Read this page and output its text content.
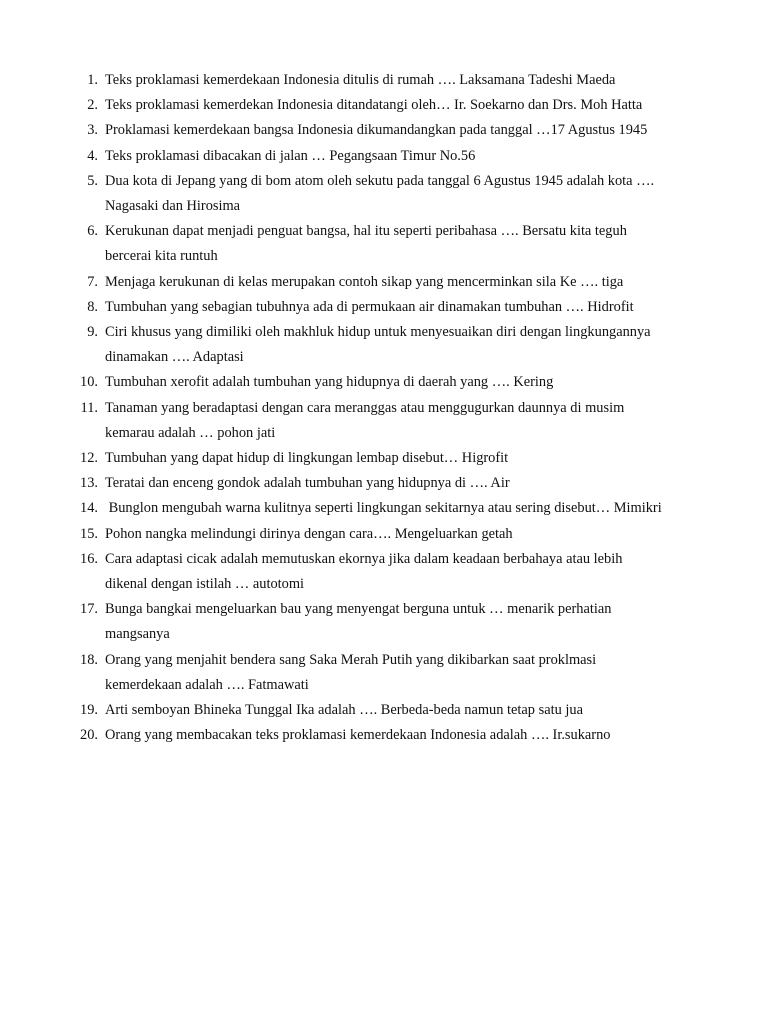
1. Teks proklamasi kemerdekaan Indonesia ditulis di rumah …. Laksamana Tadeshi Maeda
2. Teks proklamasi kemerdekan Indonesia ditandatangi oleh… Ir. Soekarno dan Drs. Moh Hatta
3. Proklamasi kemerdekaan bangsa Indonesia dikumandangkan pada tanggal …17 Agustus 1945
4. Teks proklamasi dibacakan di jalan … Pegangsaan Timur No.56
5. Dua kota di Jepang yang di bom atom oleh sekutu pada tanggal 6 Agustus 1945 adalah kota ….
Nagasaki dan Hirosima
6. Kerukunan dapat menjadi penguat bangsa, hal itu seperti peribahasa …. Bersatu kita teguh
bercerai kita runtuh
7. Menjaga kerukunan di kelas merupakan contoh sikap yang mencerminkan sila Ke …. tiga
8. Tumbuhan yang sebagian tubuhnya ada di permukaan air dinamakan tumbuhan …. Hidrofit
9. Ciri khusus yang dimiliki oleh makhluk hidup untuk menyesuaikan diri dengan lingkungannya
dinamakan …. Adaptasi
10. Tumbuhan xerofit adalah tumbuhan yang hidupnya di daerah yang …. Kering
11. Tanaman yang beradaptasi dengan cara meranggas atau menggugurkan daunnya di musim
kemarau adalah … pohon jati
12. Tumbuhan yang dapat hidup di lingkungan lembap disebut… Higrofit
13. Teratai dan enceng gondok adalah tumbuhan yang hidupnya di …. Air
14. Bunglon mengubah warna kulitnya seperti lingkungan sekitarnya atau sering disebut… Mimikri
15. Pohon nangka melindungi dirinya dengan cara…. Mengeluarkan getah
16. Cara adaptasi cicak adalah memutuskan ekornya jika dalam keadaan berbahaya atau lebih
dikenal dengan istilah … autotomi
17. Bunga bangkai mengeluarkan bau yang menyengat berguna untuk … menarik perhatian
mangsanya
18. Orang yang menjahit bendera sang Saka Merah Putih yang dikibarkan saat proklmasi
kemerdekaan adalah …. Fatmawati
19. Arti semboyan Bhineka Tunggal Ika adalah …. Berbeda-beda namun tetap satu jua
20. Orang yang membacakan teks proklamasi kemerdekaan Indonesia adalah …. Ir.sukarno
